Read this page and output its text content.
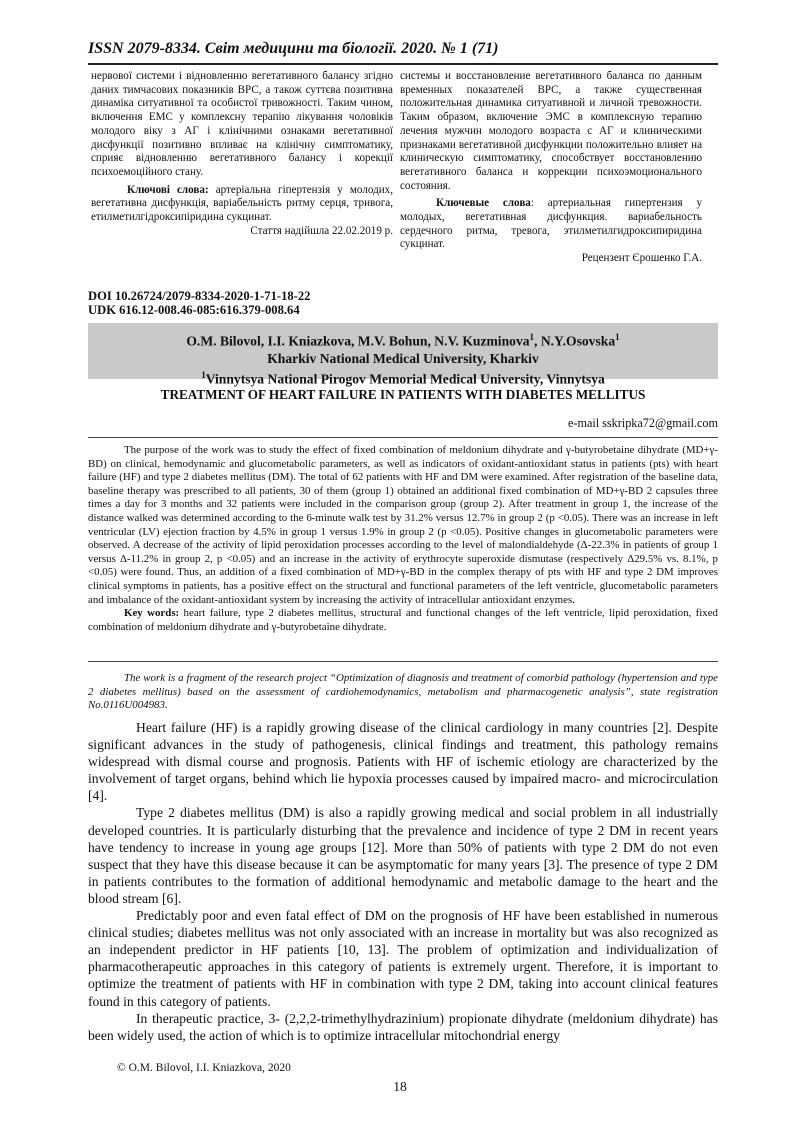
ISSN 2079-8334. Світ медицини та біології. 2020. № 1 (71)

нервової системи і відновленню вегетативного балансу згідно даних тимчасових показників ВРС, а також суттєва позитивна динаміка ситуативної та особистої тривожності. Таким чином, включення ЕМС у комплексну терапію лікування чоловіків молодого віку з АГ і клінічними ознаками вегетативної дисфункції позитивно впливає на клінічну симптоматику, сприяє відновленню вегетативного балансу і корекції психоемоційного стану.

Ключові слова: артеріальна гіпертензія у молодих, вегетативна дисфункція, варіабельність ритму серця, тривога, етилметилгідроксипіридина сукцинат.

Стаття надійшла 22.02.2019 р.

системы и восстановление вегетативного баланса по данным временных показателей ВРС, а также существенная положительная динамика ситуативной и личной тревожности. Таким образом, включение ЭМС в комплексную терапию лечения мужчин молодого возраста с АГ и клиническими признаками вегетативной дисфункции положительно влияет на клиническую симптоматику, способствует восстановлению вегетативного баланса и коррекции психоэмоционального состояния.

Ключевые слова: артериальная гипертензия у молодых, вегетативная дисфункция. вариабельность сердечного ритма, тревога, этилметилгидроксипиридина сукцинат.

Рецензент Єрошенко Г.А.

DOI 10.26724/2079-8334-2020-1-71-18-22
UDK 616.12-008.46-085:616.379-008.64
O.M. Bilovol, I.I. Kniazkova, M.V. Bohun, N.V. Kuzminova$^1$, N.Y.Osovska$^1$
Kharkiv National Medical University, Kharkiv
$^1$Vinnytsya National Pirogov Memorial Medical University, Vinnytsya
TREATMENT OF HEART FAILURE IN PATIENTS WITH DIABETES MELLITUS
e-mail sskripka72@gmail.com

The purpose of the work was to study the effect of fixed combination of meldonium dihydrate and γ-butyrobetaine dihydrate (MD+γ-BD) on clinical, hemodynamic and glucometabolic parameters, as well as indicators of oxidant-antioxidant status in patients (pts) with heart failure (HF) and type 2 diabetes mellitus (DM). The total of 62 patients with HF and DM were examined. After registration of the baseline data, baseline therapy was prescribed to all patients, 30 of them (group 1) obtained an additional fixed combination of MD+γ-BD 2 capsules three times a day for 3 months and 32 patients were included in the comparison group (group 2). After treatment in group 1, the increase of the distance walked was determined according to the 6-minute walk test by 31.2% versus 12.7% in group 2 (p <0.05). There was an increase in left ventricular (LV) ejection fraction by 4.5% in group 1 versus 1.9% in group 2 (p <0.05). Positive changes in glucometabolic parameters were observed. A decrease of the activity of lipid peroxidation processes according to the level of malondialdehyde (Δ-22.3% in patients of group 1 versus Δ-11.2% in group 2, p <0.05) and an increase in the activity of erythrocyte superoxide dismutase (respectively Δ29.5% vs. 8.1%, p <0.05) were found. Thus, an addition of a fixed combination of MD+γ-BD in the complex therapy of pts with HF and type 2 DM improves clinical symptoms in patients, has a positive effect on the structural and functional parameters of the left ventricle, glucometabolic parameters and imbalance of the oxidant-antioxidant system by increasing the activity of intracellular antioxidant enzymes.

Key words: heart failure, type 2 diabetes mellitus, structural and functional changes of the left ventricle, lipid peroxidation, fixed combination of meldonium dihydrate and γ-butyrobetaine dihydrate.

The work is a fragment of the research project “Optimization of diagnosis and treatment of comorbid pathology (hypertension and type 2 diabetes mellitus) based on the assessment of cardiohemodynamics, metabolism and pharmacogenetic analysis”, state registration No.0116U004983.

Heart failure (HF) is a rapidly growing disease of the clinical cardiology in many countries [2]. Despite significant advances in the study of pathogenesis, clinical findings and treatment, this pathology remains widespread with dismal course and prognosis. Patients with HF of ischemic etiology are characterized by the involvement of target organs, behind which lie hypoxia processes caused by impaired macro- and microcirculation [4].

Type 2 diabetes mellitus (DM) is also a rapidly growing medical and social problem in all industrially developed countries. It is particularly disturbing that the prevalence and incidence of type 2 DM in recent years have tendency to increase in young age groups [12]. More than 50% of patients with type 2 DM do not even suspect that they have this disease because it can be asymptomatic for many years [3]. The presence of type 2 DM in patients contributes to the formation of additional hemodynamic and metabolic damage to the heart and the blood stream [6].

Predictably poor and even fatal effect of DM on the prognosis of HF have been established in numerous clinical studies; diabetes mellitus was not only associated with an increase in mortality but was also recognized as an independent predictor in HF patients [10, 13]. The problem of optimization and individualization of pharmacotherapeutic approaches in this category of patients is extremely urgent. Therefore, it is important to optimize the treatment of patients with HF in combination with type 2 DM, taking into account clinical features found in this category of patients.

In therapeutic practice, 3- (2,2,2-trimethylhydrazinium) propionate dihydrate (meldonium dihydrate) has been widely used, the action of which is to optimize intracellular mitochondrial energy

© O.M. Bilovol, I.I. Kniazkova, 2020
18
